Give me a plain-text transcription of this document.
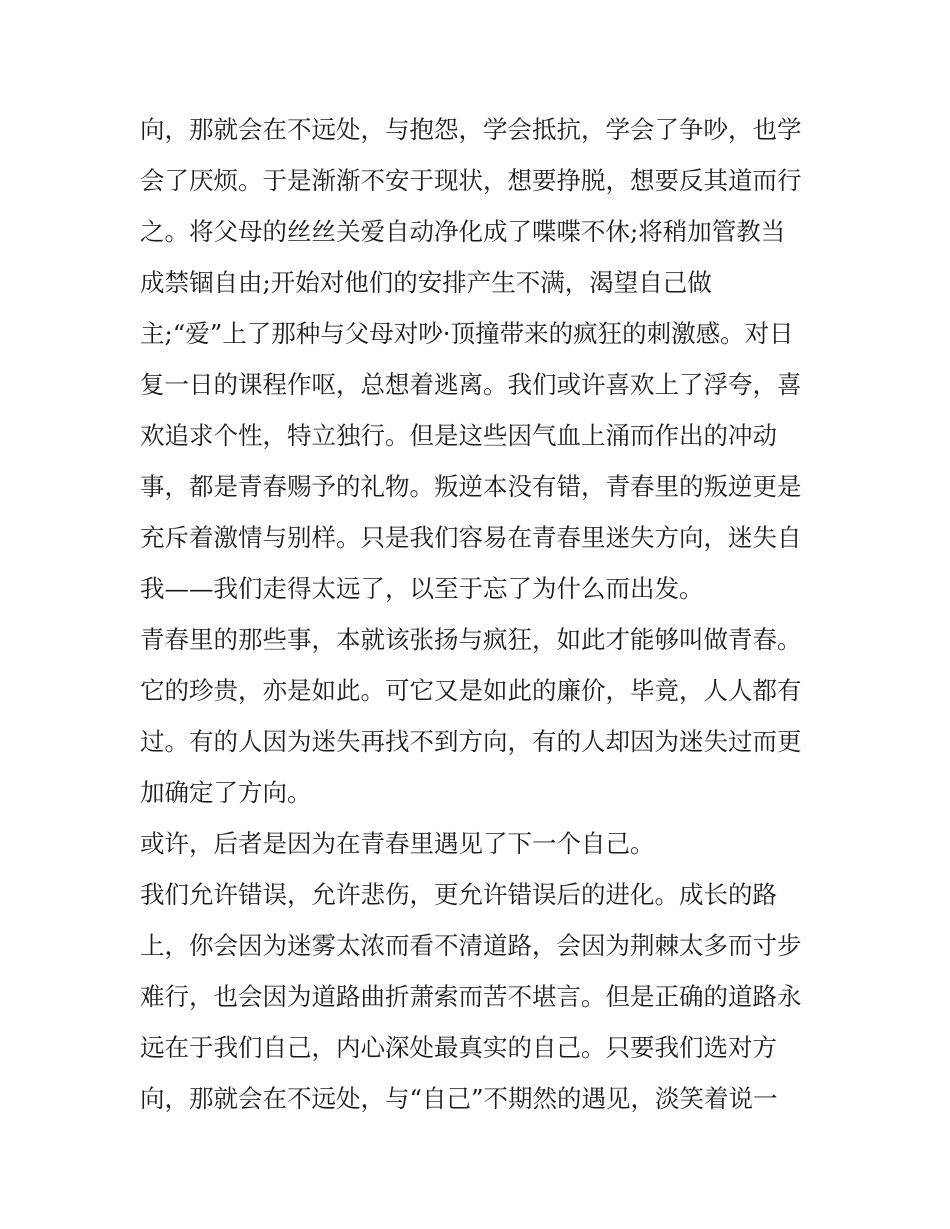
向，那就会在不远处，与抱怨，学会抵抗，学会了争吵，也学
会了厌烦。于是渐渐不安于现状，想要挣脱，想要反其道而行
之。将父母的丝丝关爱自动净化成了喋喋不休;将稍加管教当
成禁锢自由;开始对他们的安排产生不满，渴望自己做
主;“爱”上了那种与父母对吵·顶撞带来的疯狂的刺激感。对日
复一日的课程作呕，总想着逃离。我们或许喜欢上了浮夸，喜
欢追求个性，特立独行。但是这些因气血上涌而作出的冲动
事，都是青春赐予的礼物。叛逆本没有错，青春里的叛逆更是
充斥着激情与别样。只是我们容易在青春里迷失方向，迷失自
我——我们走得太远了，以至于忘了为什么而出发。
青春里的那些事，本就该张扬与疯狂，如此才能够叫做青春。
它的珍贵，亦是如此。可它又是如此的廉价，毕竟，人人都有
过。有的人因为迷失再找不到方向，有的人却因为迷失过而更
加确定了方向。
或许，后者是因为在青春里遇见了下一个自己。
我们允许错误，允许悲伤，更允许错误后的进化。成长的路
上，你会因为迷雾太浓而看不清道路，会因为荆棘太多而寸步
难行，也会因为道路曲折萧索而苦不堪言。但是正确的道路永
远在于我们自己，内心深处最真实的自己。只要我们选对方
向，那就会在不远处，与“自己”不期然的遇见，淡笑着说一
